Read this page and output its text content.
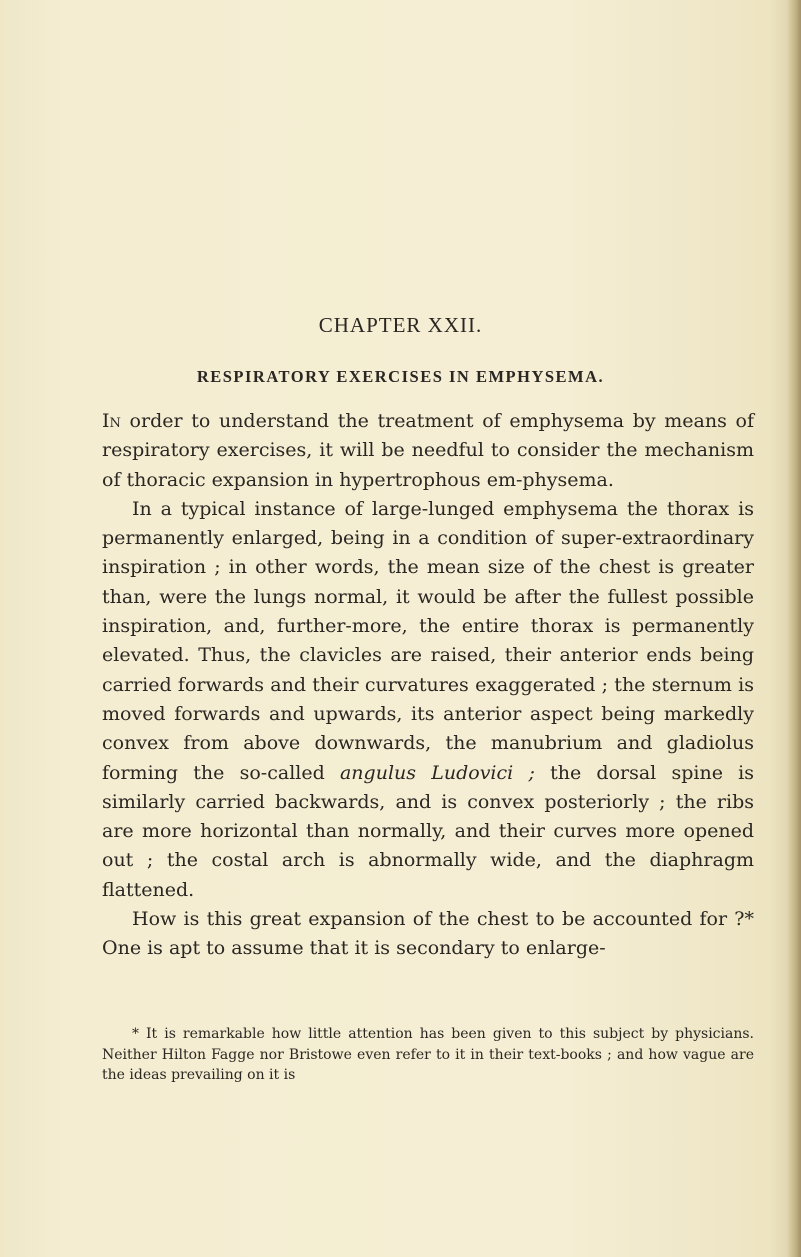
CHAPTER XXII.
RESPIRATORY EXERCISES IN EMPHYSEMA.

In order to understand the treatment of emphysema by means of respiratory exercises, it will be needful to consider the mechanism of thoracic expansion in hypertrophous em-physema.

In a typical instance of large-lunged emphysema the thorax is permanently enlarged, being in a condition of super-extraordinary inspiration ; in other words, the mean size of the chest is greater than, were the lungs normal, it would be after the fullest possible inspiration, and, further-more, the entire thorax is permanently elevated. Thus, the clavicles are raised, their anterior ends being carried forwards and their curvatures exaggerated ; the sternum is moved forwards and upwards, its anterior aspect being markedly convex from above downwards, the manubrium and gladiolus forming the so-called angulus Ludovici ; the dorsal spine is similarly carried backwards, and is convex posteriorly ; the ribs are more horizontal than normally, and their curves more opened out ; the costal arch is abnormally wide, and the diaphragm flattened.

How is this great expansion of the chest to be accounted for ?* One is apt to assume that it is secondary to enlarge-

* It is remarkable how little attention has been given to this subject by physicians. Neither Hilton Fagge nor Bristowe even refer to it in their text-books ; and how vague are the ideas prevailing on it is
